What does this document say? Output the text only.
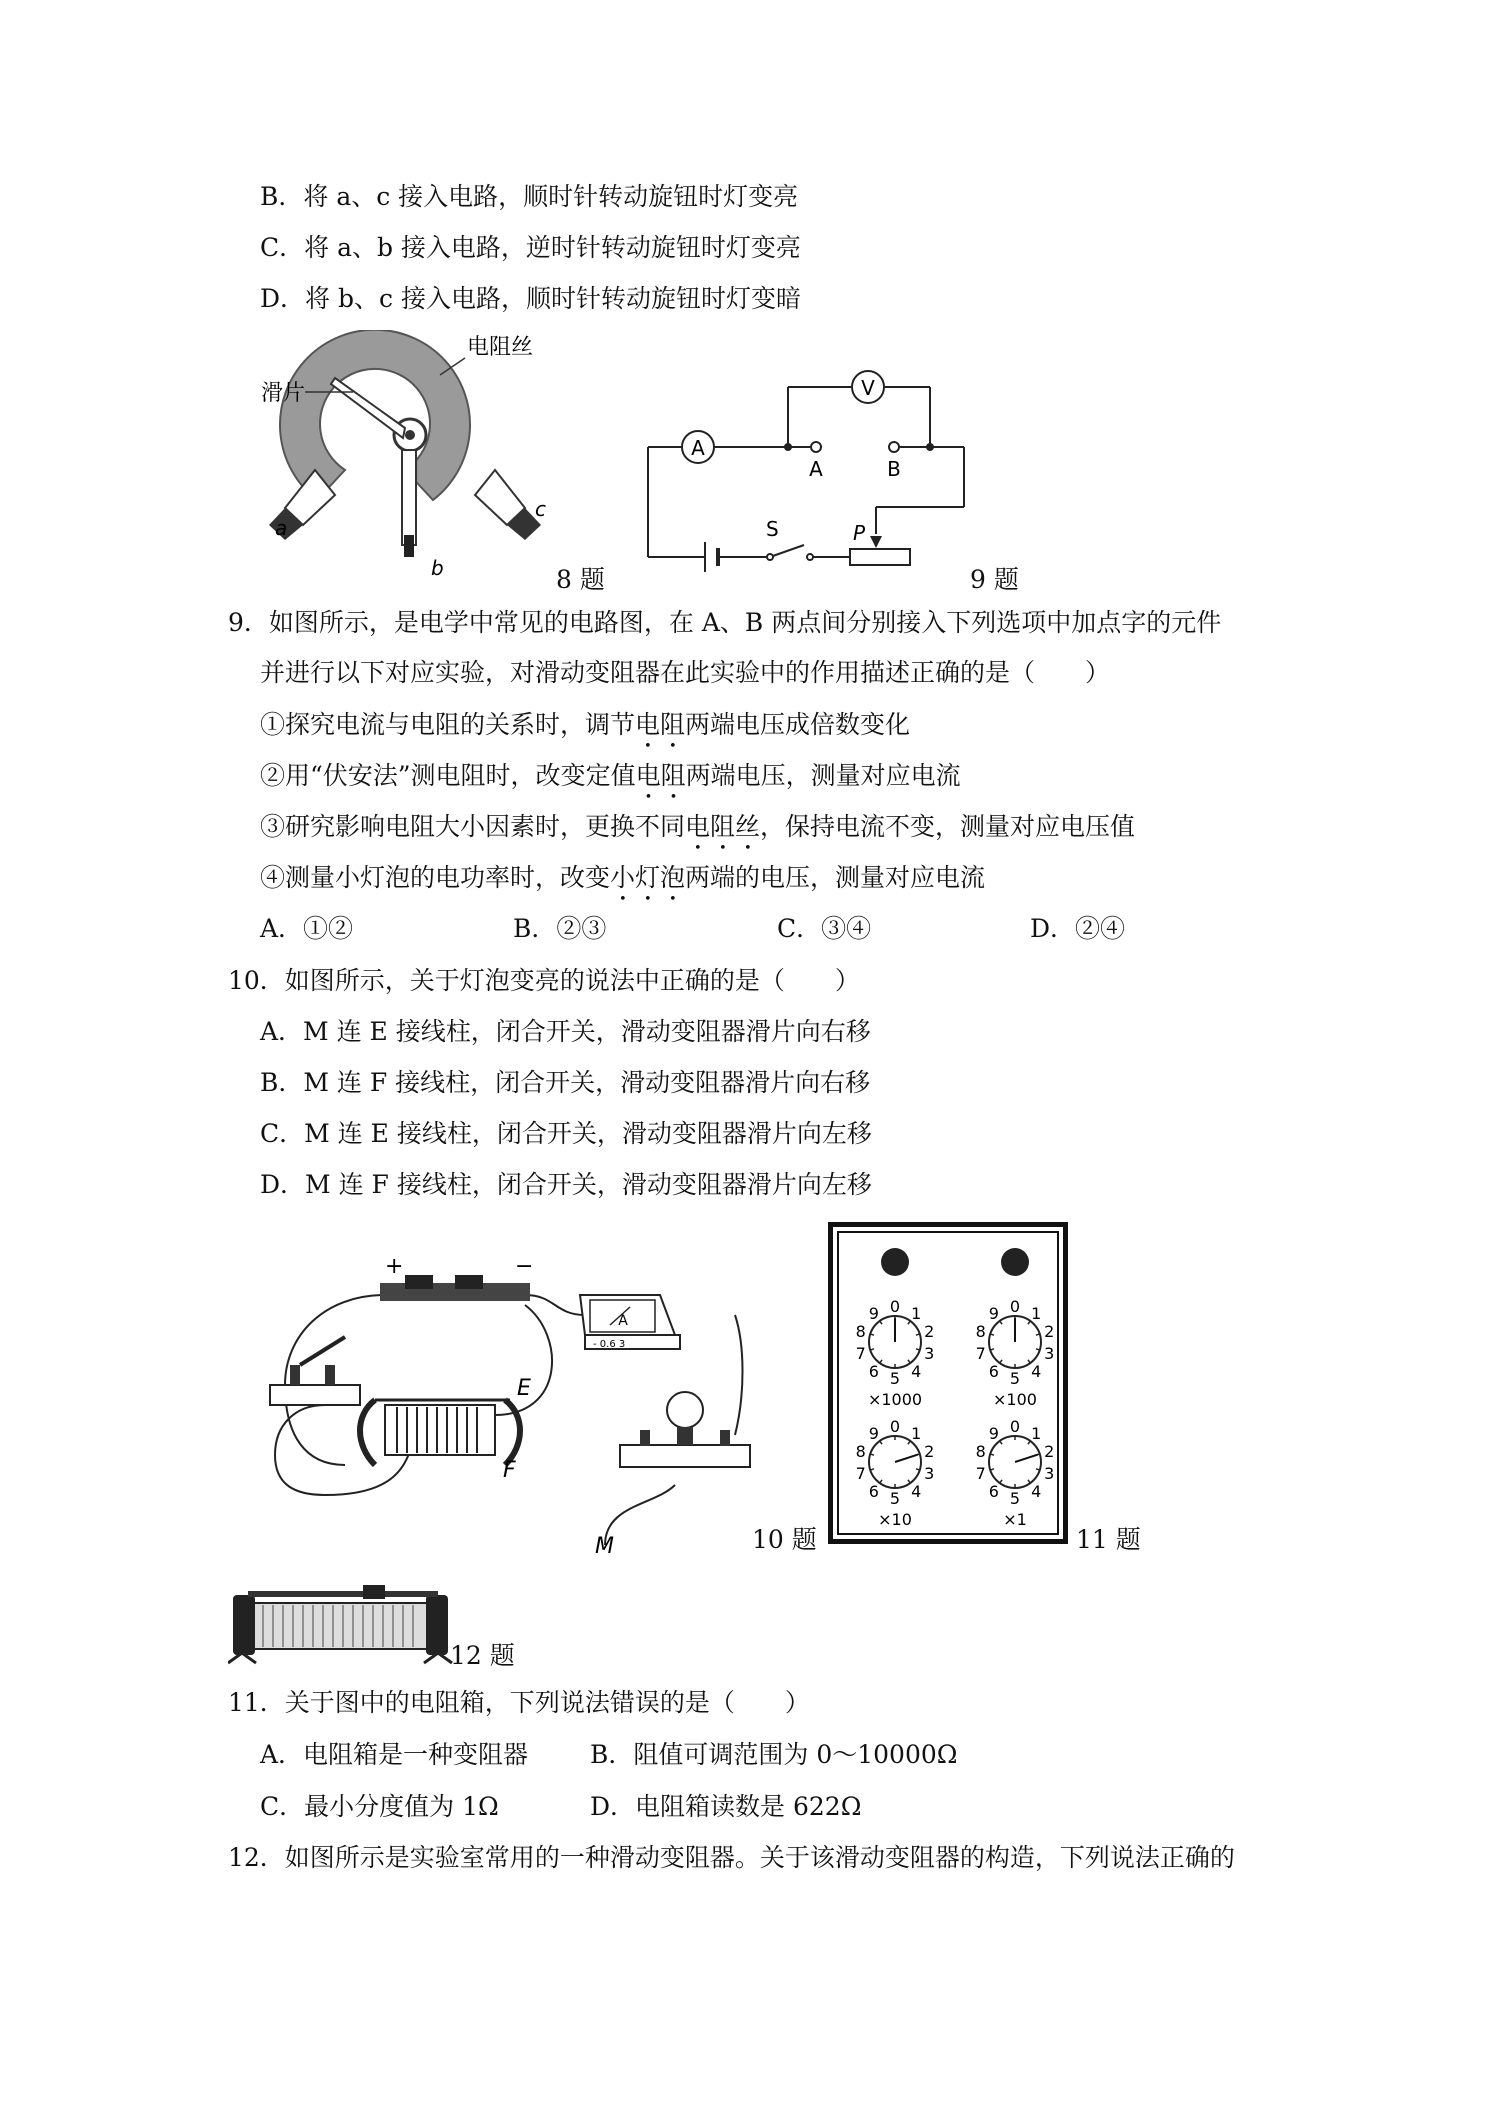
B．将 a、c 接入电路，顺时针转动旋钮时灯变亮
C．将 a、b 接入电路，逆时针转动旋钮时灯变亮
D．将 b、c 接入电路，顺时针转动旋钮时灯变暗
电阻丝
滑片
a
b
c
8 题
A
V
A	B
S	P
9 题
9．如图所示，是电学中常见的电路图，在 A、B 两点间分别接入下列选项中加点字的元件
并进行以下对应实验，对滑动变阻器在此实验中的作用描述正确的是（　　）
①探究电流与电阻的关系时，调节电阻两端电压成倍数变化
②用“伏安法”测电阻时，改变定值电阻两端电压，测量对应电流
③研究影响电阻大小因素时，更换不同电阻丝，保持电流不变，测量对应电压值
④测量小灯泡的电功率时，改变小灯泡两端的电压，测量对应电流
A．①②	B．②③	C．③④	D．②④
10．如图所示，关于灯泡变亮的说法中正确的是（　　）
A．M 连 E 接线柱，闭合开关，滑动变阻器滑片向右移
B．M 连 F 接线柱，闭合开关，滑动变阻器滑片向右移
C．M 连 E 接线柱，闭合开关，滑动变阻器滑片向左移
D．M 连 F 接线柱，闭合开关，滑动变阻器滑片向左移
+	−
A
- 0.6 3
E
F
M	10 题
0 1
2
3
4
5
6
7
8
9	0 1
2
3
4
5
6
7
8
9
0 1
2
3
4
5
6
7
8
9	0 1
2
3
4
5
6
7
8
9
×1000	×100
×10	×1
11 题
12 题
11．关于图中的电阻箱，下列说法错误的是（　　）
A．电阻箱是一种变阻器 B．阻值可调范围为 0～10000Ω
C．最小分度值为 1Ω	D．电阻箱读数是 622Ω
12．如图所示是实验室常用的一种滑动变阻器。关于该滑动变阻器的构造，下列说法正确的
